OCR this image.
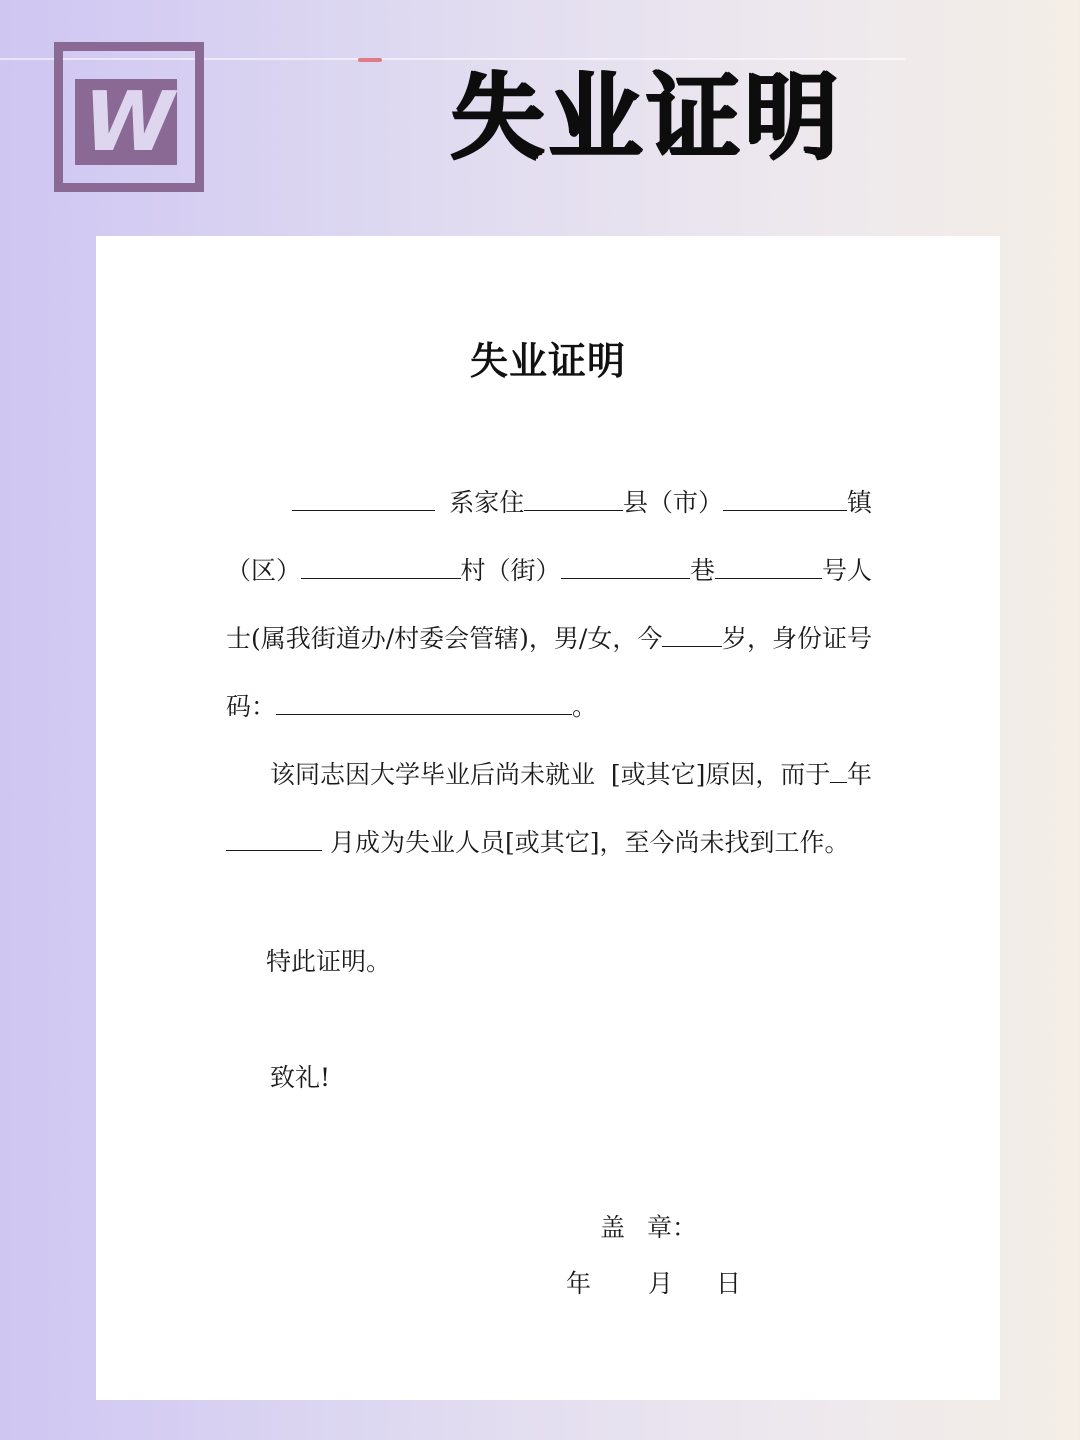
W	失业证明
失业证明
系家住	县（市）	镇
（区）	村（街）	巷	号人
士(属我街道办/村委会管辖)，男/女，今 岁，身份证号
码：	。
该同志因大学毕业后尚未就业  [或其它]原因，而于 年
月成为失业人员[或其它]，至今尚未找到工作。
特此证明。
致礼!
盖 章：
年 月 日
